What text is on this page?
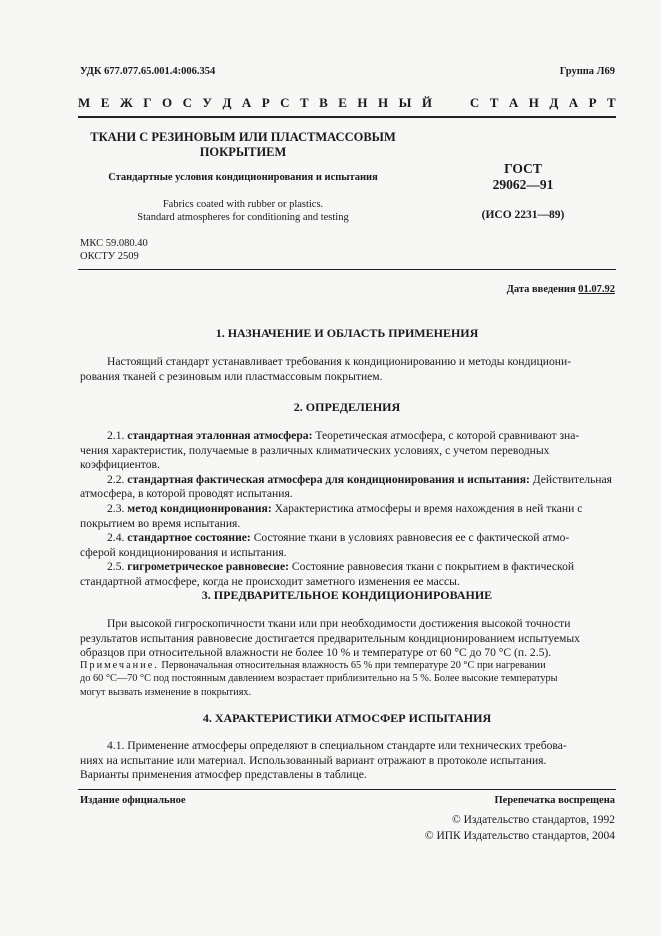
УДК 677.077.65.001.4:006.354	Группа Л69
М Е Ж Г О С У Д А Р С Т В Е Н Н Ы Й

	С Т А Н Д А Р Т
ТКАНИ С РЕЗИНОВЫМ ИЛИ ПЛАСТМАССОВЫМ
ПОКРЫТИЕМ
Стандартные условия кондиционирования и испытания
Fabrics coated with rubber or plastics.
Standard atmospheres for conditioning and testing
ГОСТ
29062—91
(ИСО 2231—89)
МКС 59.080.40
ОКСТУ 2509
Дата введения 01.07.92
1. НАЗНАЧЕНИЕ И ОБЛАСТЬ ПРИМЕНЕНИЯ
Настоящий стандарт устанавливает требования к кондиционированию и методы кондициони-
рования тканей с резиновым или пластмассовым покрытием.
2. ОПРЕДЕЛЕНИЯ
2.1. стандартная эталонная атмосфера: Теоретическая атмосфера, с которой сравнивают зна-
чения характеристик, получаемые в различных климатических условиях, с учетом переводных
коэффициентов.
2.2. стандартная фактическая атмосфера для кондиционирования и испытания: Действительная
атмосфера, в которой проводят испытания.
2.3. метод кондиционирования: Характеристика атмосферы и время нахождения в ней ткани с
покрытием во время испытания.
2.4. стандартное состояние: Состояние ткани в условиях равновесия ее с фактической атмо-
сферой кондиционирования и испытания.
2.5. гигрометрическое равновесие: Состояние равновесия ткани с покрытием в фактической
стандартной атмосфере, когда не происходит заметного изменения ее массы.
3. ПРЕДВАРИТЕЛЬНОЕ КОНДИЦИОНИРОВАНИЕ
При высокой гигроскопичности ткани или при необходимости достижения высокой точности
результатов испытания равновесие достигается предварительным кондиционированием испытуемых
образцов при относительной влажности не более 10 % и температуре от 60 °С до 70 °С (п. 2.5).
Примечание. Первоначальная относительная влажность 65 % при температуре 20 °С при нагревании
до 60 °С—70 °С под постоянным давлением возрастает приблизительно на 5 %. Более высокие температуры
могут вызвать изменение в покрытиях.
4. ХАРАКТЕРИСТИКИ АТМОСФЕР ИСПЫТАНИЯ
4.1. Применение атмосферы определяют в специальном стандарте или технических требова-
ниях на испытание или материал. Использованный вариант отражают в протоколе испытания.
Варианты применения атмосфер представлены в таблице.
Издание официальное	Перепечатка воспрещена
© Издательство стандартов, 1992
© ИПК Издательство стандартов, 2004
